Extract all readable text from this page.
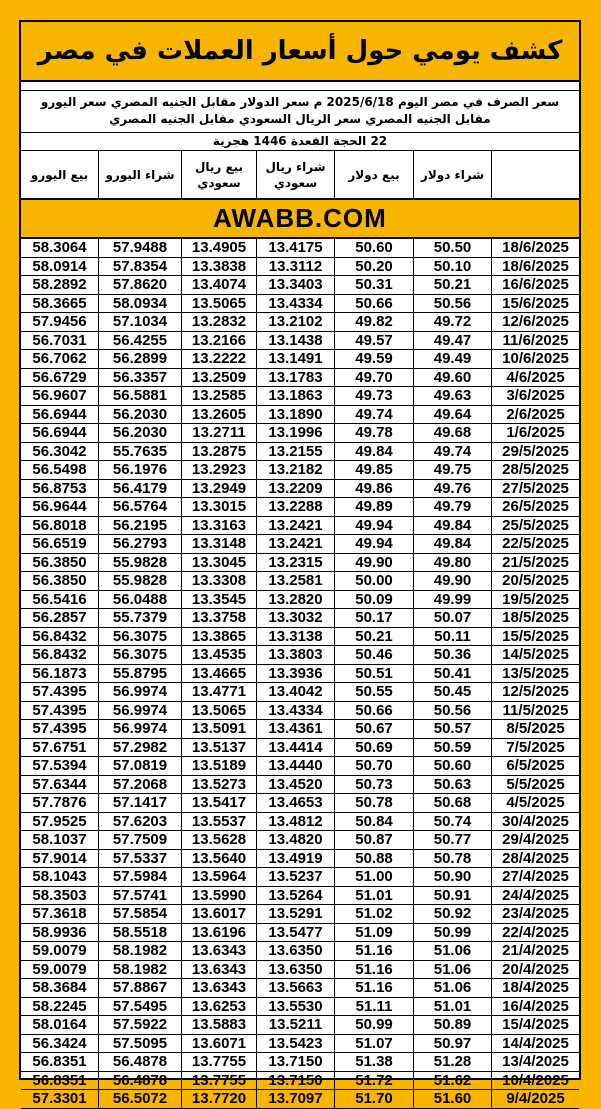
كشف يومي حول أسعار العملات في مصر
سعر الصرف في مصر اليوم 2025/6/18 م سعر الدولار مقابل الجنيه المصري سعر اليورو مقابل الجنيه المصري سعر الريال السعودي مقابل الجنيه المصري
22 الحجة القعدة 1446 هجرية
شراء دولار
بيع دولار
شراء ريال سعودي
بيع ريال سعودي
شراء اليورو
بيع اليورو
AWABB.COM
18/6/2025
50.50
50.60
13.4175
13.4905
57.9488
58.3064
18/6/2025
50.10
50.20
13.3112
13.3838
57.8354
58.0914
16/6/2025
50.21
50.31
13.3403
13.4074
57.8620
58.2892
15/6/2025
50.56
50.66
13.4334
13.5065
58.0934
58.3665
12/6/2025
49.72
49.82
13.2102
13.2832
57.1034
57.9456
11/6/2025
49.47
49.57
13.1438
13.2166
56.4255
56.7031
10/6/2025
49.49
49.59
13.1491
13.2222
56.2899
56.7062
4/6/2025
49.60
49.70
13.1783
13.2509
56.3357
56.6729
3/6/2025
49.63
49.73
13.1863
13.2585
56.5881
56.9607
2/6/2025
49.64
49.74
13.1890
13.2605
56.2030
56.6944
1/6/2025
49.68
49.78
13.1996
13.2711
56.2030
56.6944
29/5/2025
49.74
49.84
13.2155
13.2875
55.7635
56.3042
28/5/2025
49.75
49.85
13.2182
13.2923
56.1976
56.5498
27/5/2025
49.76
49.86
13.2209
13.2949
56.4179
56.8753
26/5/2025
49.79
49.89
13.2288
13.3015
56.5764
56.9644
25/5/2025
49.84
49.94
13.2421
13.3163
56.2195
56.8018
22/5/2025
49.84
49.94
13.2421
13.3148
56.2793
56.6519
21/5/2025
49.80
49.90
13.2315
13.3045
55.9828
56.3850
20/5/2025
49.90
50.00
13.2581
13.3308
55.9828
56.3850
19/5/2025
49.99
50.09
13.2820
13.3545
56.0488
56.5416
18/5/2025
50.07
50.17
13.3032
13.3758
55.7379
56.2857
15/5/2025
50.11
50.21
13.3138
13.3865
56.3075
56.8432
14/5/2025
50.36
50.46
13.3803
13.4535
56.3075
56.8432
13/5/2025
50.41
50.51
13.3936
13.4665
55.8795
56.1873
12/5/2025
50.45
50.55
13.4042
13.4771
56.9974
57.4395
11/5/2025
50.56
50.66
13.4334
13.5065
56.9974
57.4395
8/5/2025
50.57
50.67
13.4361
13.5091
56.9974
57.4395
7/5/2025
50.59
50.69
13.4414
13.5137
57.2982
57.6751
6/5/2025
50.60
50.70
13.4440
13.5189
57.0819
57.5394
5/5/2025
50.63
50.73
13.4520
13.5273
57.2068
57.6344
4/5/2025
50.68
50.78
13.4653
13.5417
57.1417
57.7876
30/4/2025
50.74
50.84
13.4812
13.5537
57.6203
57.9525
29/4/2025
50.77
50.87
13.4820
13.5628
57.7509
58.1037
28/4/2025
50.78
50.88
13.4919
13.5640
57.5337
57.9014
27/4/2025
50.90
51.00
13.5237
13.5964
57.5984
58.1043
24/4/2025
50.91
51.01
13.5264
13.5990
57.5741
58.3503
23/4/2025
50.92
51.02
13.5291
13.6017
57.5854
57.3618
22/4/2025
50.99
51.09
13.5477
13.6196
58.5518
58.9936
21/4/2025
51.06
51.16
13.6350
13.6343
58.1982
59.0079
20/4/2025
51.06
51.16
13.6350
13.6343
58.1982
59.0079
18/4/2025
51.06
51.16
13.5663
13.6343
57.8867
58.3684
16/4/2025
51.01
51.11
13.5530
13.6253
57.5495
58.2245
15/4/2025
50.89
50.99
13.5211
13.5883
57.5922
58.0164
14/4/2025
50.97
51.07
13.5423
13.6071
57.5095
56.3424
13/4/2025
51.28
51.38
13.7150
13.7755
56.4878
56.8351
10/4/2025
51.62
51.72
13.7150
13.7755
56.4878
56.8351
9/4/2025
51.60
51.70
13.7097
13.7720
56.5072
57.3301
